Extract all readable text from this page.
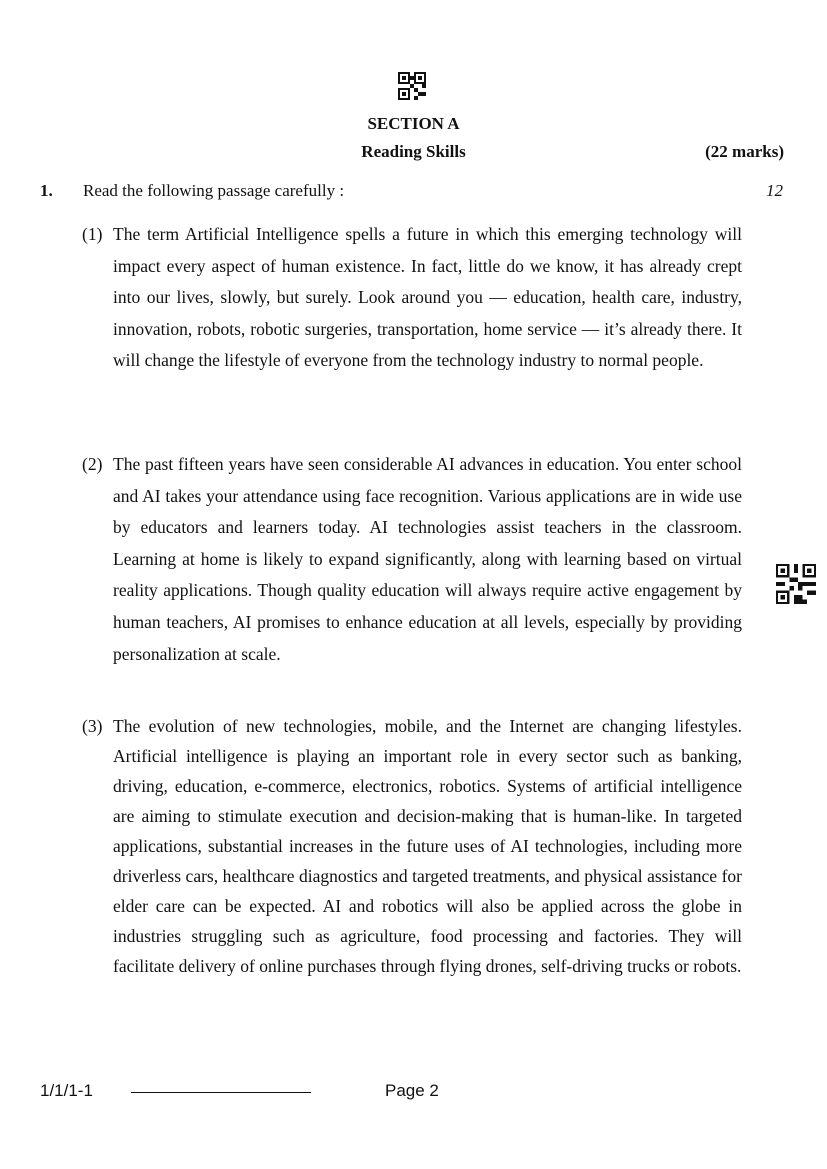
SECTION A
Reading Skills	(22 marks)
1. Read the following passage carefully :	12
(1) The term Artificial Intelligence spells a future in which this emerging technology will impact every aspect of human existence. In fact, little do we know, it has already crept into our lives, slowly, but surely. Look around you — education, health care, industry, innovation, robots, robotic surgeries, transportation, home service — it’s already there. It will change the lifestyle of everyone from the technology industry to normal people.
(2) The past fifteen years have seen considerable AI advances in education. You enter school and AI takes your attendance using face recognition. Various applications are in wide use by educators and learners today. AI technologies assist teachers in the classroom. Learning at home is likely to expand significantly, along with learning based on virtual reality applications. Though quality education will always require active engagement by human teachers, AI promises to enhance education at all levels, especially by providing personalization at scale.
(3) The evolution of new technologies, mobile, and the Internet are changing lifestyles. Artificial intelligence is playing an important role in every sector such as banking, driving, education, e-commerce, electronics, robotics. Systems of artificial intelligence are aiming to stimulate execution and decision-making that is human-like. In targeted applications, substantial increases in the future uses of AI technologies, including more driverless cars, healthcare diagnostics and targeted treatments, and physical assistance for elder care can be expected. AI and robotics will also be applied across the globe in industries struggling such as agriculture, food processing and factories. They will facilitate delivery of online purchases through flying drones, self-driving trucks or robots.
1/1/1-1	Page 2
